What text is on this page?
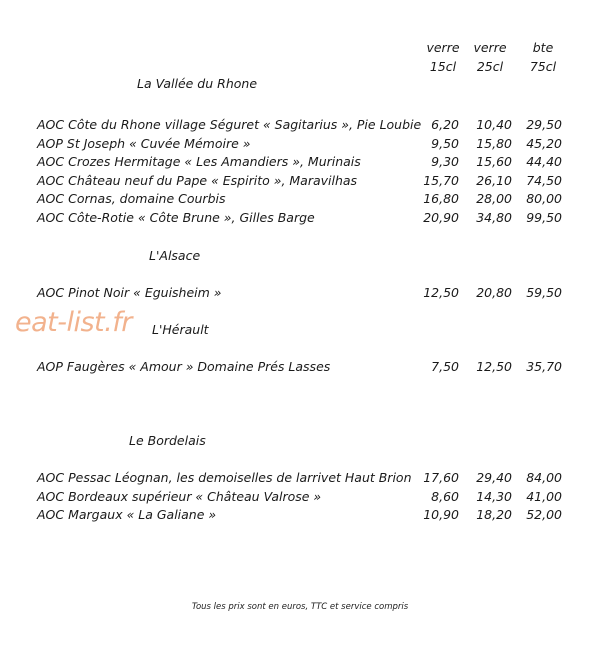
verre
15cl
verre
25cl
bte
75cl
La Vallée du Rhone
AOC Côte du Rhone village Séguret « Sagitarius », Pie Loubie 6,20	10,40	29,50
AOP St Joseph « Cuvée Mémoire »	9,50	15,80	45,20
AOC Crozes Hermitage « Les Amandiers », Murinais	9,30	15,60	44,40
AOC Château neuf du Pape « Espirito », Maravilhas	15,70	26,10	74,50
AOC Cornas, domaine Courbis	16,80	28,00	80,00
AOC Côte-Rotie « Côte Brune », Gilles Barge	20,90	34,80	99,50
L'Alsace
AOC Pinot Noir « Eguisheim »	12,50	20,80	59,50
eat-list.fr L'Hérault
AOP Faugères « Amour » Domaine Prés Lasses	7,50	12,50	35,70
Le Bordelais
AOC Pessac Léognan, les demoiselles de larrivet Haut Brion 17,60	29,40	84,00
AOC Bordeaux supérieur « Château Valrose »	8,60	14,30	41,00
AOC Margaux « La Galiane »	10,90	18,20	52,00
Tous les prix sont en euros, TTC et service compris
